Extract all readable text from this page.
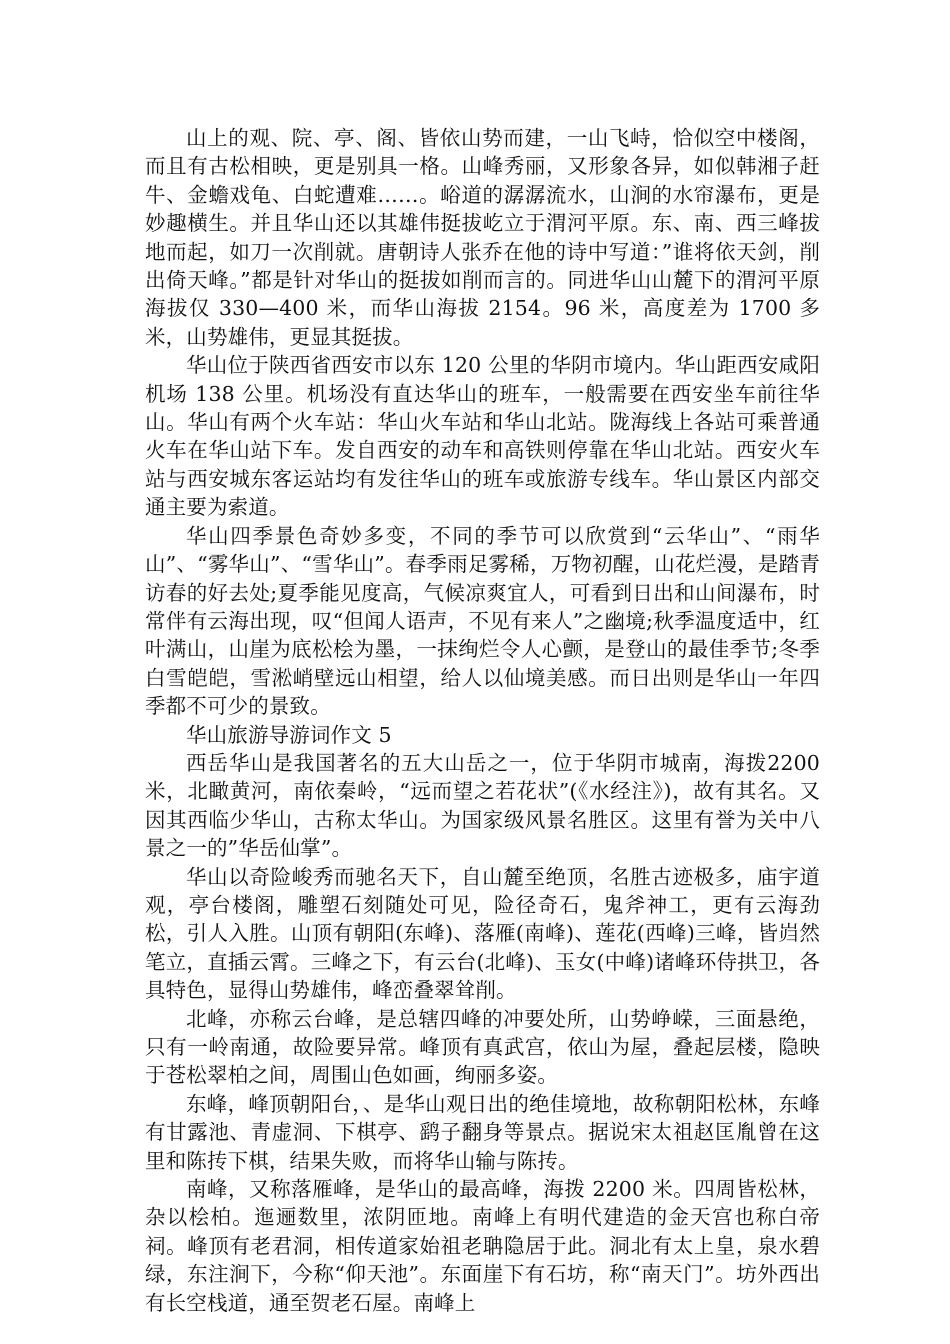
山上的观、院、亭、阁、皆依山势而建，一山飞峙，恰似空中楼阁，而且有古松相映，更是别具一格。山峰秀丽，又形象各异，如似韩湘子赶牛、金蟾戏龟、白蛇遭难……。峪道的潺潺流水，山涧的水帘瀑布，更是妙趣横生。并且华山还以其雄伟挺拔屹立于渭河平原。东、南、西三峰拔地而起，如刀一次削就。唐朝诗人张乔在他的诗中写道：”谁将依天剑，削出倚天峰。”都是针对华山的挺拔如削而言的。同进华山山麓下的渭河平原海拔仅 330—400 米，而华山海拔 2154。96 米，高度差为 1700 多米，山势雄伟，更显其挺拔。

华山位于陕西省西安市以东 120 公里的华阴市境内。华山距西安咸阳机场 138 公里。机场没有直达华山的班车，一般需要在西安坐车前往华山。华山有两个火车站：华山火车站和华山北站。陇海线上各站可乘普通火车在华山站下车。发自西安的动车和高铁则停靠在华山北站。西安火车站与西安城东客运站均有发往华山的班车或旅游专线车。华山景区内部交通主要为索道。

华山四季景色奇妙多变，不同的季节可以欣赏到“云华山”、“雨华山”、“雾华山”、“雪华山”。春季雨足雾稀，万物初醒，山花烂漫，是踏青访春的好去处;夏季能见度高，气候凉爽宜人，可看到日出和山间瀑布，时常伴有云海出现，叹“但闻人语声，不见有来人”之幽境;秋季温度适中，红叶满山，山崖为底松桧为墨，一抹绚烂令人心颤，是登山的最佳季节;冬季白雪皑皑，雪淞峭壁远山相望，给人以仙境美感。而日出则是华山一年四季都不可少的景致。

华山旅游导游词作文 5

西岳华山是我国著名的五大山岳之一，位于华阴市城南，海拨2200 米，北瞰黄河，南依秦岭，“远而望之若花状”(《水经注》)，故有其名。又因其西临少华山，古称太华山。为国家级风景名胜区。这里有誉为关中八景之一的”华岳仙掌”。

华山以奇险峻秀而驰名天下，自山麓至绝顶，名胜古迹极多，庙宇道观，亭台楼阁，雕塑石刻随处可见，险径奇石，鬼斧神工，更有云海劲松，引人入胜。山顶有朝阳(东峰)、落雁(南峰)、莲花(西峰)三峰，皆岿然笔立，直插云霄。三峰之下，有云台(北峰)、玉女(中峰)诸峰环侍拱卫，各具特色，显得山势雄伟，峰峦叠翠耸削。

北峰，亦称云台峰，是总辖四峰的冲要处所，山势峥嵘，三面悬绝，只有一岭南通，故险要异常。峰顶有真武宫，依山为屋，叠起层楼，隐映于苍松翠柏之间，周围山色如画，绚丽多姿。

东峰，峰顶朝阳台，、是华山观日出的绝佳境地，故称朝阳松林，东峰有甘露池、青虚洞、下棋亭、鹞子翻身等景点。据说宋太祖赵匡胤曾在这里和陈抟下棋，结果失败，而将华山输与陈抟。

南峰，又称落雁峰，是华山的最高峰，海拨 2200 米。四周皆松林，杂以桧柏。迤逦数里，浓阴匝地。南峰上有明代建造的金天宫也称白帝祠。峰顶有老君洞，相传道家始祖老聃隐居于此。洞北有太上皇，泉水碧绿，东注涧下，今称“仰天池”。东面崖下有石坊，称“南天门”。坊外西出有长空栈道，通至贺老石屋。南峰上
